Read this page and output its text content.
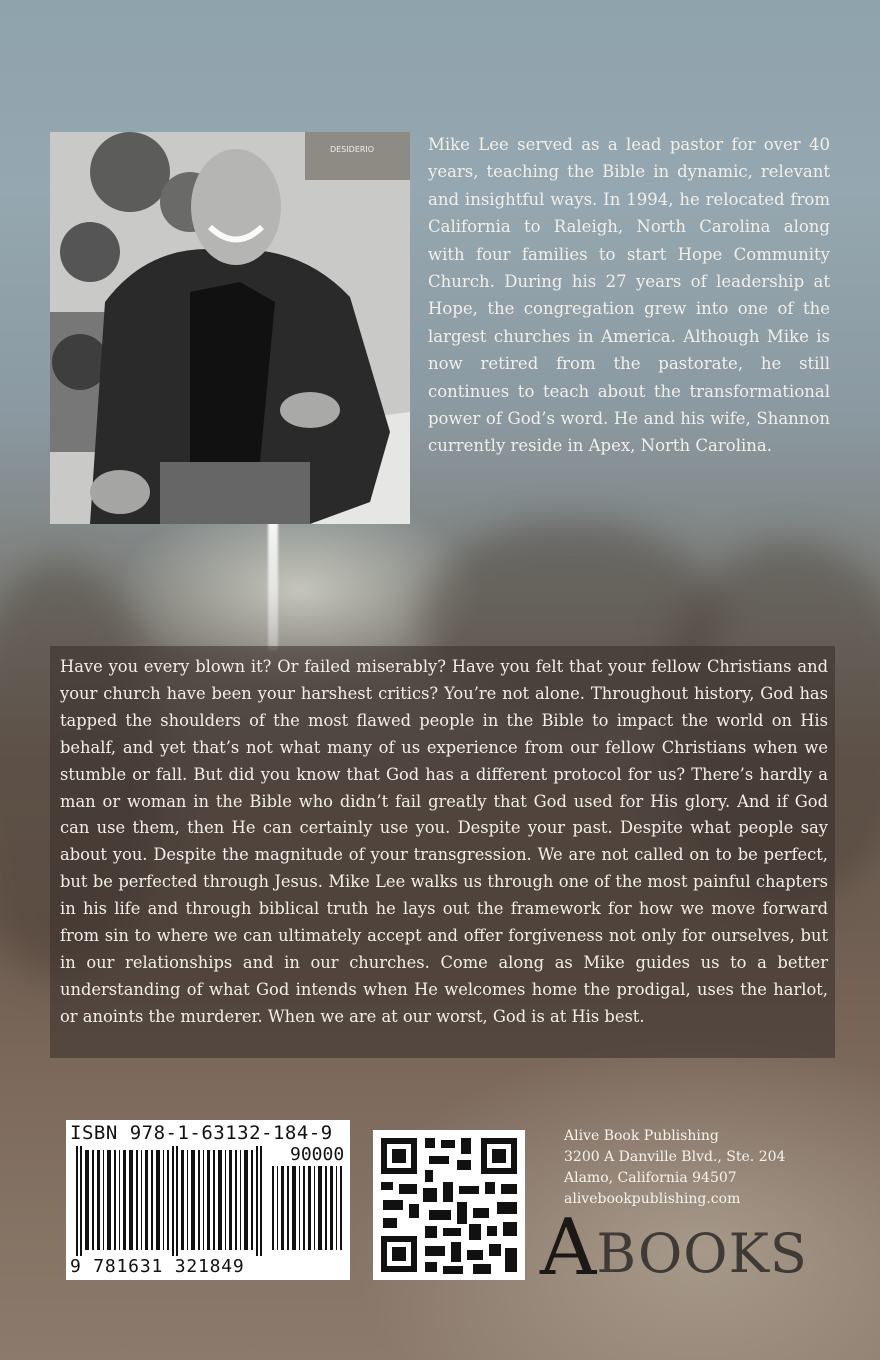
DESIDERIO	Mike Lee served as a lead pastor for over 40 years, teaching the Bible in dynamic, relevant and insightful ways. In 1994, he relocated from California to Raleigh, North Carolina along with four families to start Hope Community Church. During his 27 years of leadership at Hope, the congregation grew into one of the largest churches in America. Although Mike is now retired from the pastorate, he still continues to teach about the transformational power of God’s word. He and his wife, Shannon currently reside in Apex, North Carolina.
Have you every blown it? Or failed miserably? Have you felt that your fellow Christians and your church have been your harshest critics? You’re not alone. Throughout history, God has tapped the shoulders of the most flawed people in the Bible to impact the world on His behalf, and yet that’s not what many of us experience from our fellow Christians when we stumble or fall. But did you know that God has a different protocol for us? There’s hardly a man or woman in the Bible who didn’t fail greatly that God used for His glory. And if God can use them, then He can certainly use you. Despite your past. Despite what people say about you. Despite the magnitude of your transgression. We are not called on to be perfect, but be perfected through Jesus. Mike Lee walks us through one of the most painful chapters in his life and through biblical truth he lays out the framework for how we move forward from sin to where we can ultimately accept and offer forgiveness not only for ourselves, but in our relationships and in our churches. Come along as Mike guides us to a better understanding of what God intends when He welcomes home the prodigal, uses the harlot, or anoints the murderer. When we are at our worst, God is at His best.
ISBN 978-1-63132-184-9
90000
9 781631 321849
Alive Book Publishing
3200 A Danville Blvd., Ste. 204
Alamo, California 94507
alivebookpublishing.com
ABOOKS
